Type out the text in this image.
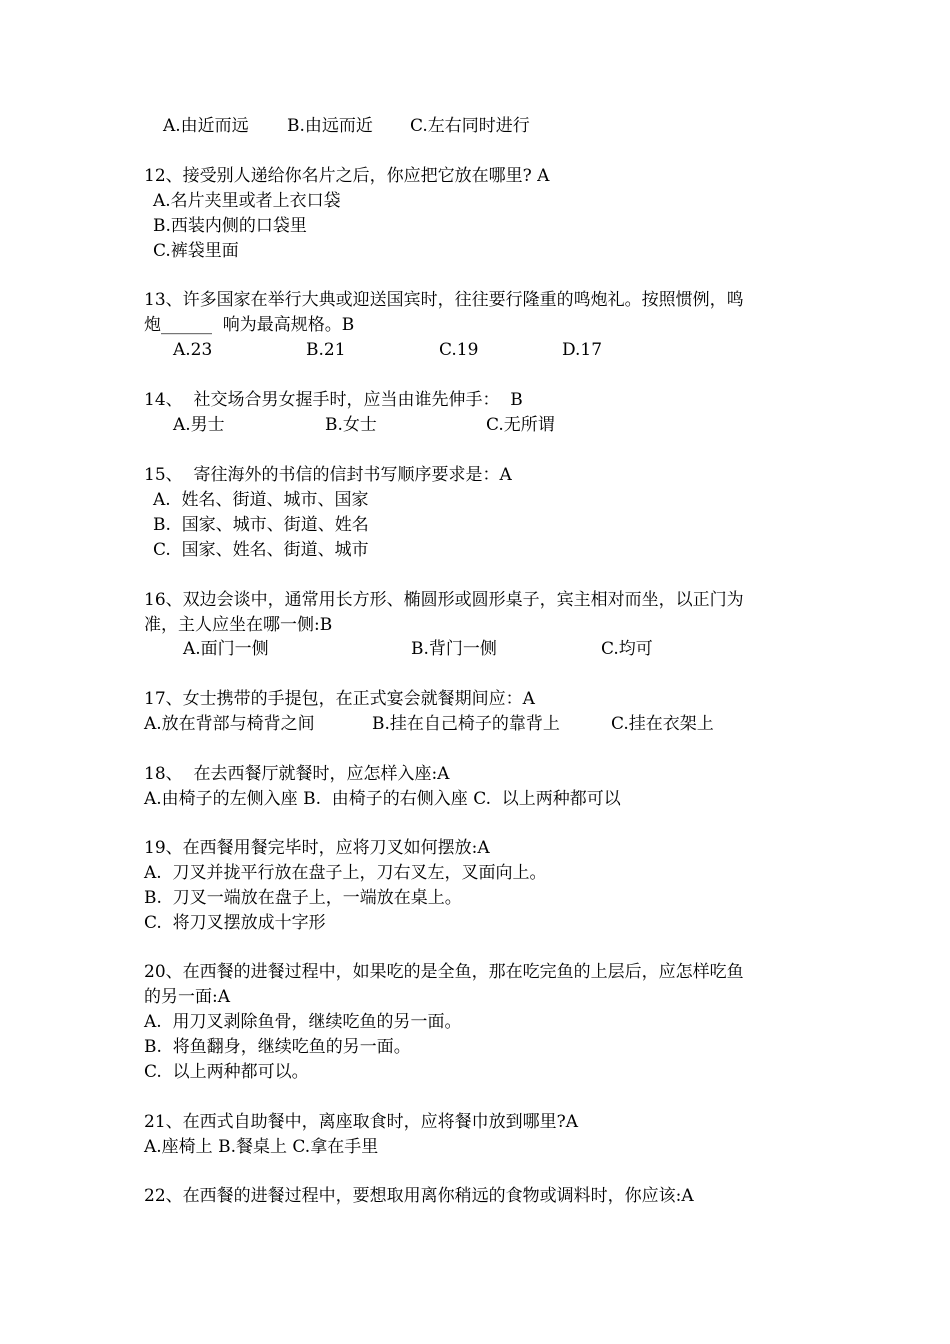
A.由近而远 B.由远而近 C.左右同时进行
12、接受别人递给你名片之后，你应把它放在哪里? A
A.名片夹里或者上衣口袋
B.西装内侧的口袋里
C.裤袋里面
13、许多国家在举行大典或迎送国宾时，往往要行隆重的鸣炮礼。按照惯例，鸣
炮______  响为最高规格。B
A.23	B.21	C.19	D.17
14、  社交场合男女握手时，应当由谁先伸手：  B
A.男士	B.女士	C.无所谓
15、  寄往海外的书信的信封书写顺序要求是：A
A.  姓名、街道、城市、国家
B.  国家、城市、街道、姓名
C.  国家、姓名、街道、城市
16、双边会谈中，通常用长方形、椭圆形或圆形桌子，宾主相对而坐，以正门为
准，主人应坐在哪一侧:B
A.面门一侧	B.背门一侧	C.均可
17、女士携带的手提包，在正式宴会就餐期间应：A
A.放在背部与椅背之间	B.挂在自己椅子的靠背上	C.挂在衣架上
18、  在去西餐厅就餐时，应怎样入座:A
A.由椅子的左侧入座 B.  由椅子的右侧入座 C.  以上两种都可以
19、在西餐用餐完毕时，应将刀叉如何摆放:A
A.  刀叉并拢平行放在盘子上，刀右叉左，叉面向上。
B.  刀叉一端放在盘子上，一端放在桌上。
C.  将刀叉摆放成十字形
20、在西餐的进餐过程中，如果吃的是全鱼，那在吃完鱼的上层后，应怎样吃鱼
的另一面:A
A.  用刀叉剥除鱼骨，继续吃鱼的另一面。
B.  将鱼翻身，继续吃鱼的另一面。
C.  以上两种都可以。
21、在西式自助餐中，离座取食时，应将餐巾放到哪里?A
A.座椅上 B.餐桌上 C.拿在手里
22、在西餐的进餐过程中，要想取用离你稍远的食物或调料时，你应该:A
